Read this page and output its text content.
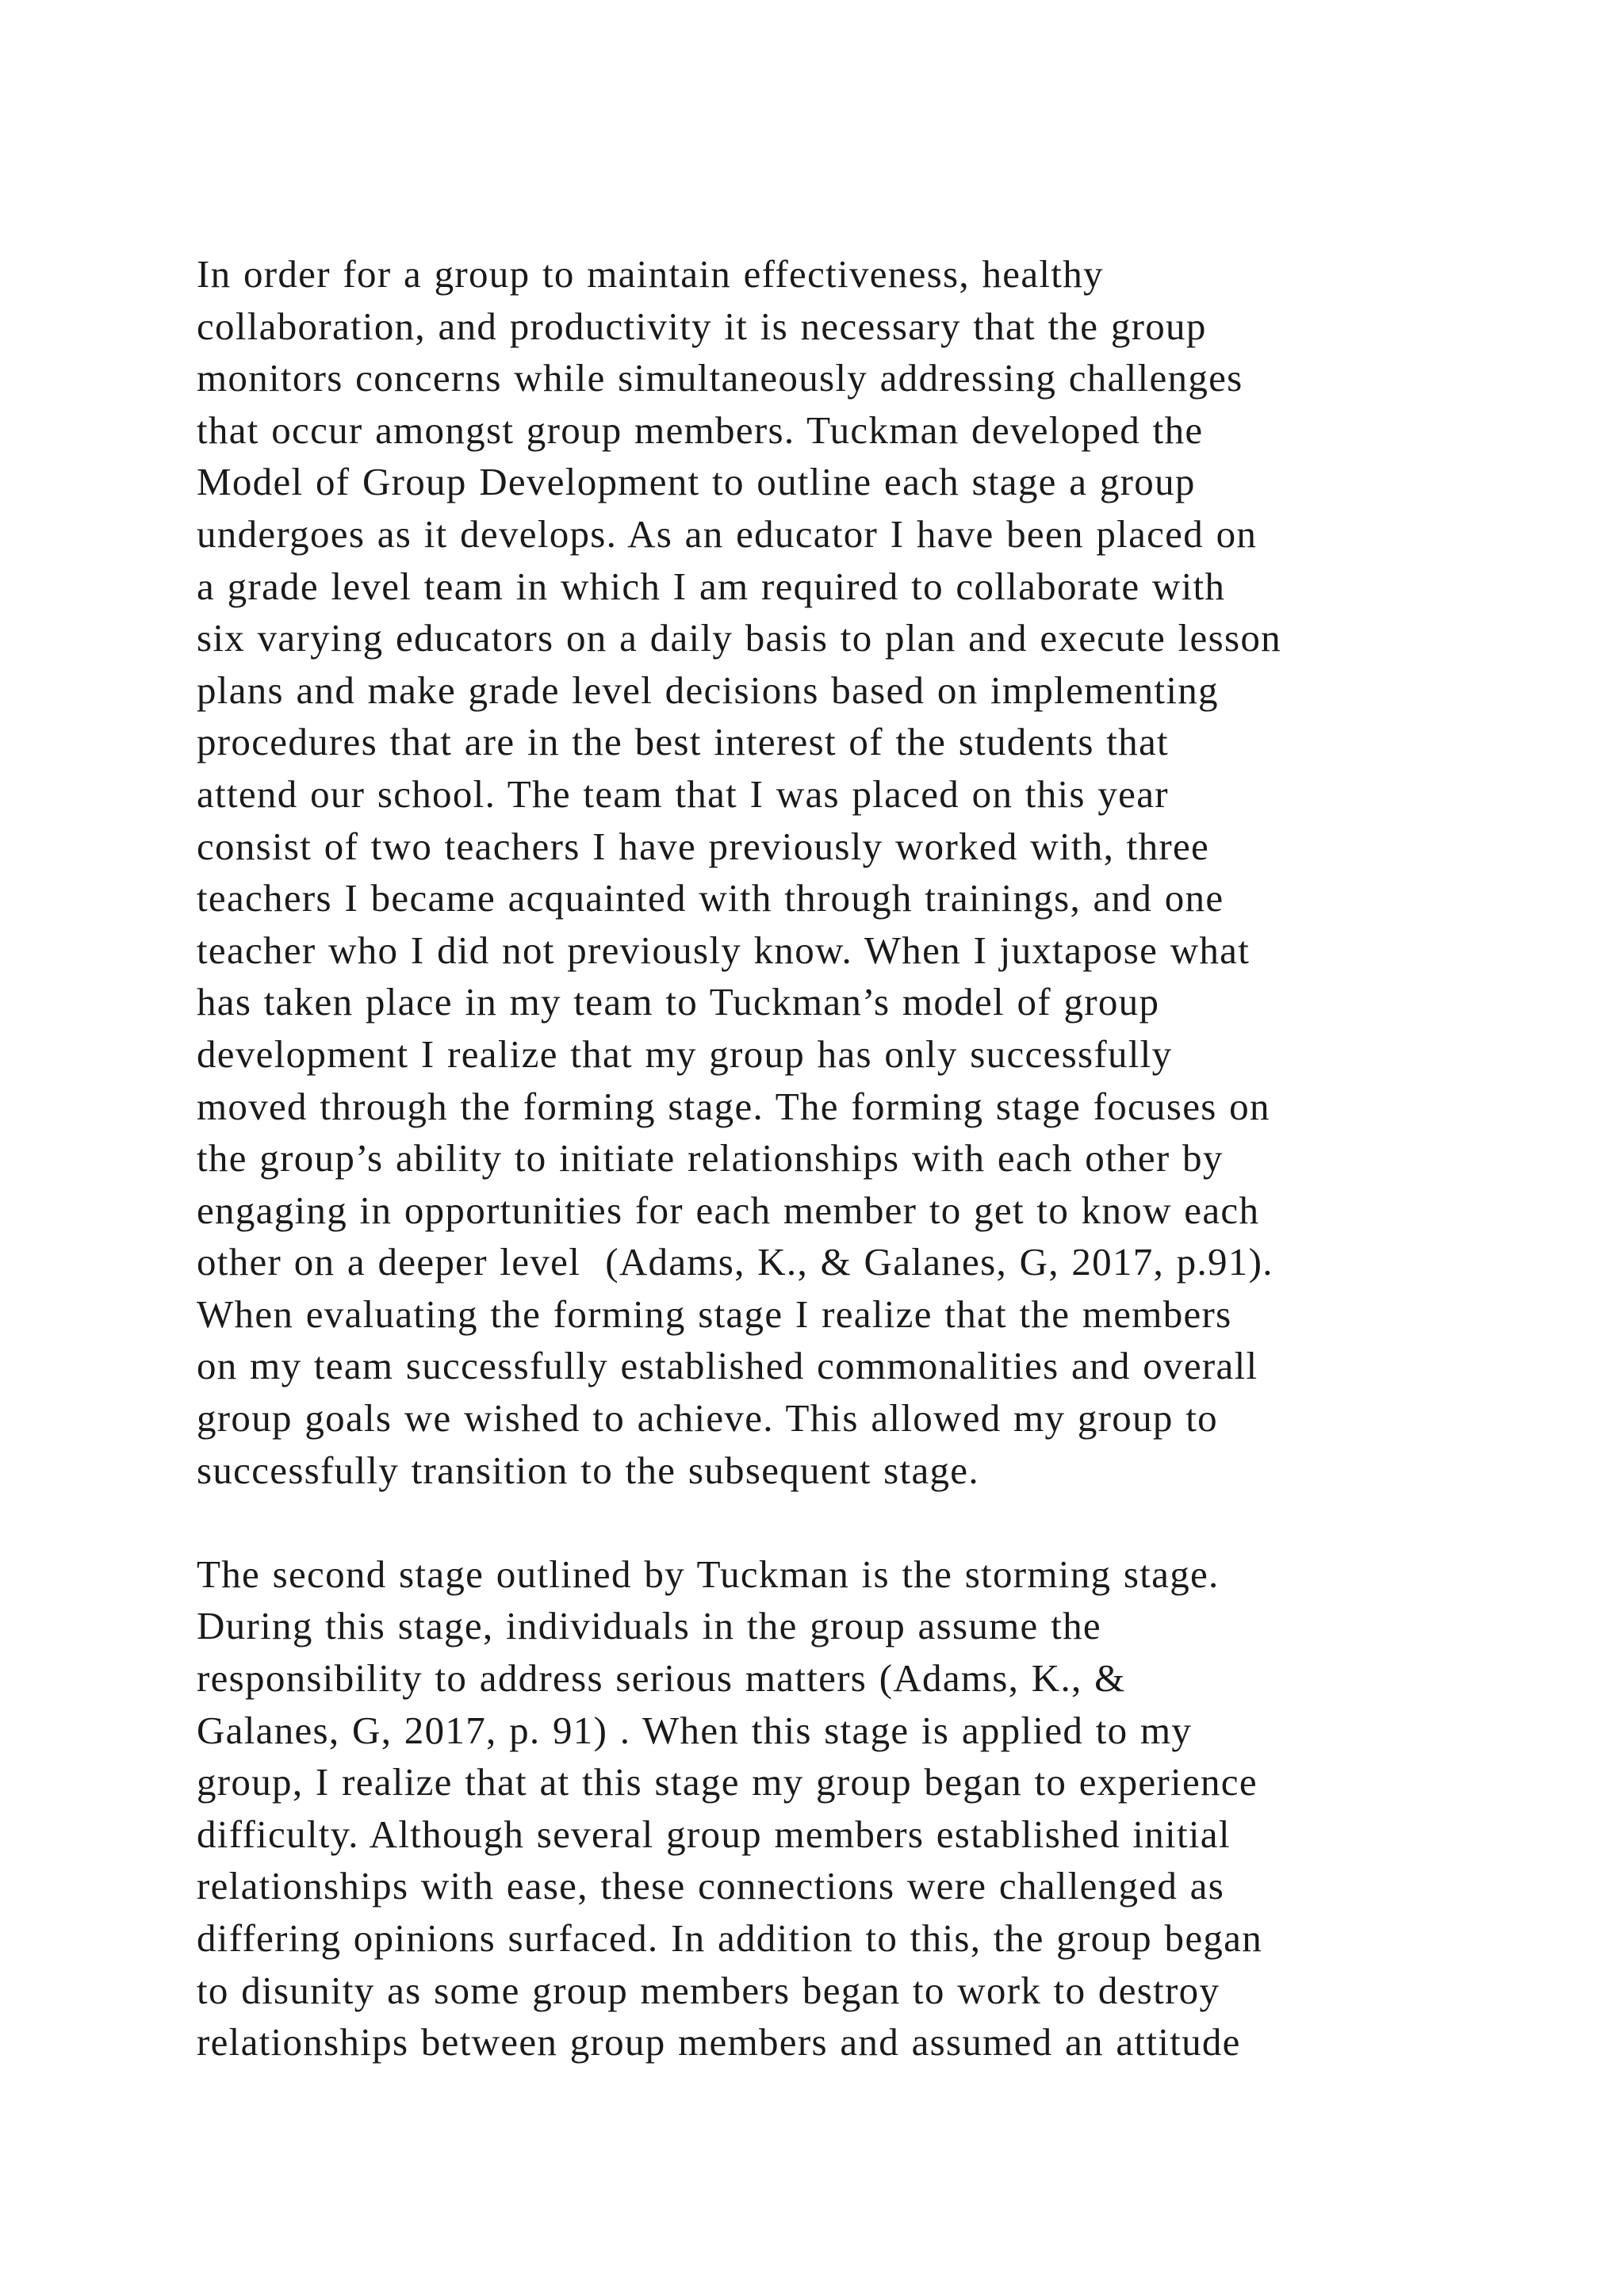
In order for a group to maintain effectiveness, healthy
collaboration, and productivity it is necessary that the group
monitors concerns while simultaneously addressing challenges
that occur amongst group members. Tuckman developed the
Model of Group Development to outline each stage a group
undergoes as it develops. As an educator I have been placed on
a grade level team in which I am required to collaborate with
six varying educators on a daily basis to plan and execute lesson
plans and make grade level decisions based on implementing
procedures that are in the best interest of the students that
attend our school. The team that I was placed on this year
consist of two teachers I have previously worked with, three
teachers I became acquainted with through trainings, and one
teacher who I did not previously know. When I juxtapose what
has taken place in my team to Tuckman’s model of group
development I realize that my group has only successfully
moved through the forming stage. The forming stage focuses on
the group’s ability to initiate relationships with each other by
engaging in opportunities for each member to get to know each
other on a deeper level  (Adams, K., & Galanes, G, 2017, p.91).
When evaluating the forming stage I realize that the members
on my team successfully established commonalities and overall
group goals we wished to achieve. This allowed my group to
successfully transition to the subsequent stage.
The second stage outlined by Tuckman is the storming stage.
During this stage, individuals in the group assume the
responsibility to address serious matters (Adams, K., &
Galanes, G, 2017, p. 91) . When this stage is applied to my
group, I realize that at this stage my group began to experience
difficulty. Although several group members established initial
relationships with ease, these connections were challenged as
differing opinions surfaced. In addition to this, the group began
to disunity as some group members began to work to destroy
relationships between group members and assumed an attitude
